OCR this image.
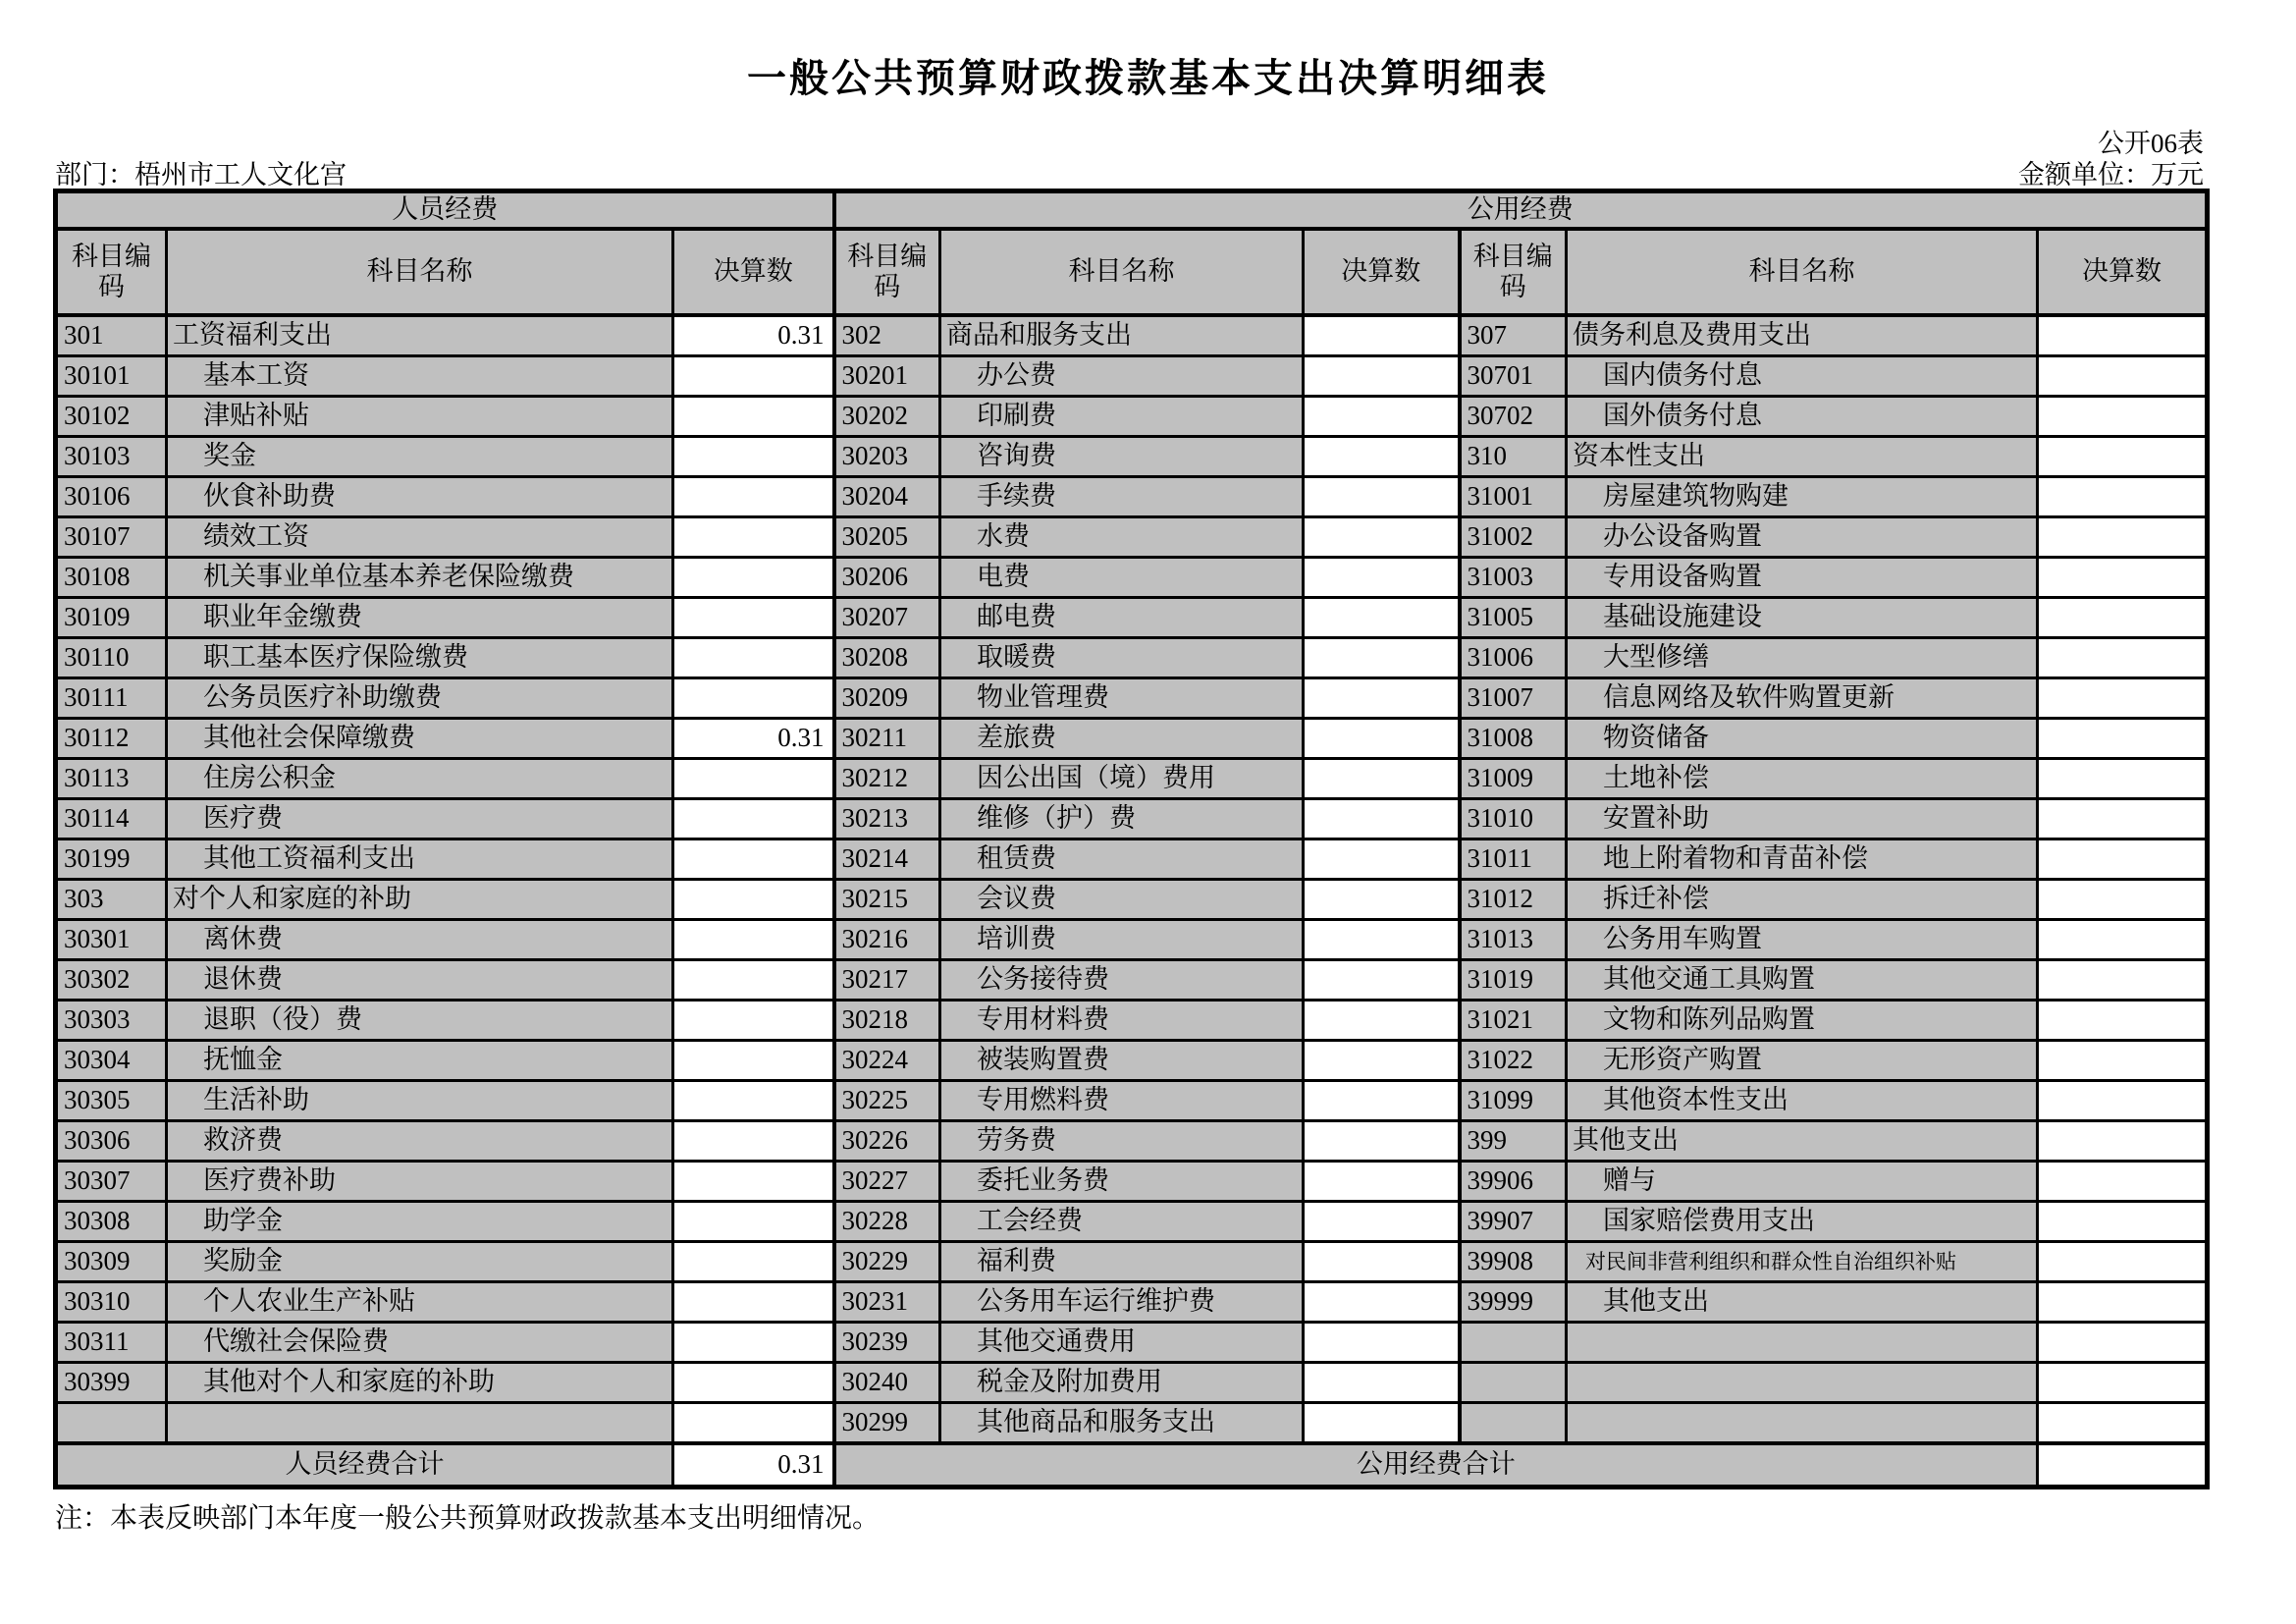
一般公共预算财政拨款基本支出决算明细表
公开06表
部门：梧州市工人文化宫	金额单位：万元
人员经费			公用经费					
科目编码	科目名称	决算数	科目编码	科目名称	决算数	科目编码	科目名称	决算数
301	工资福利支出	0.31	302	商品和服务支出		307	债务利息及费用支出	
30101	基本工资		30201	办公费		30701	国内债务付息	
30102	津贴补贴		30202	印刷费		30702	国外债务付息	
30103	奖金		30203	咨询费		310	资本性支出	
30106	伙食补助费		30204	手续费		31001	房屋建筑物购建	
30107	绩效工资		30205	水费		31002	办公设备购置	
30108	机关事业单位基本养老保险缴费		30206	电费		31003	专用设备购置	
30109	职业年金缴费		30207	邮电费		31005	基础设施建设	
30110	职工基本医疗保险缴费		30208	取暖费		31006	大型修缮	
30111	公务员医疗补助缴费		30209	物业管理费		31007	信息网络及软件购置更新	
30112	其他社会保障缴费	0.31	30211	差旅费		31008	物资储备	
30113	住房公积金		30212	因公出国（境）费用		31009	土地补偿	
30114	医疗费		30213	维修（护）费		31010	安置补助	
30199	其他工资福利支出		30214	租赁费		31011	地上附着物和青苗补偿	
303	对个人和家庭的补助		30215	会议费		31012	拆迁补偿	
30301	离休费		30216	培训费		31013	公务用车购置	
30302	退休费		30217	公务接待费		31019	其他交通工具购置	
30303	退职（役）费		30218	专用材料费		31021	文物和陈列品购置	
30304	抚恤金		30224	被装购置费		31022	无形资产购置	
30305	生活补助		30225	专用燃料费		31099	其他资本性支出	
30306	救济费		30226	劳务费		399	其他支出	
30307	医疗费补助		30227	委托业务费		39906	赠与	
30308	助学金		30228	工会经费		39907	国家赔偿费用支出	
30309	奖励金		30229	福利费		39908	对民间非营利组织和群众性自治组织补贴	
30310	个人农业生产补贴		30231	公务用车运行维护费		39999	其他支出	
30311	代缴社会保险费		30239	其他交通费用				
30399	其他对个人和家庭的补助		30240	税金及附加费用				
			30299	其他商品和服务支出				
人员经费合计		0.31	公用经费合计					
注：本表反映部门本年度一般公共预算财政拨款基本支出明细情况。
